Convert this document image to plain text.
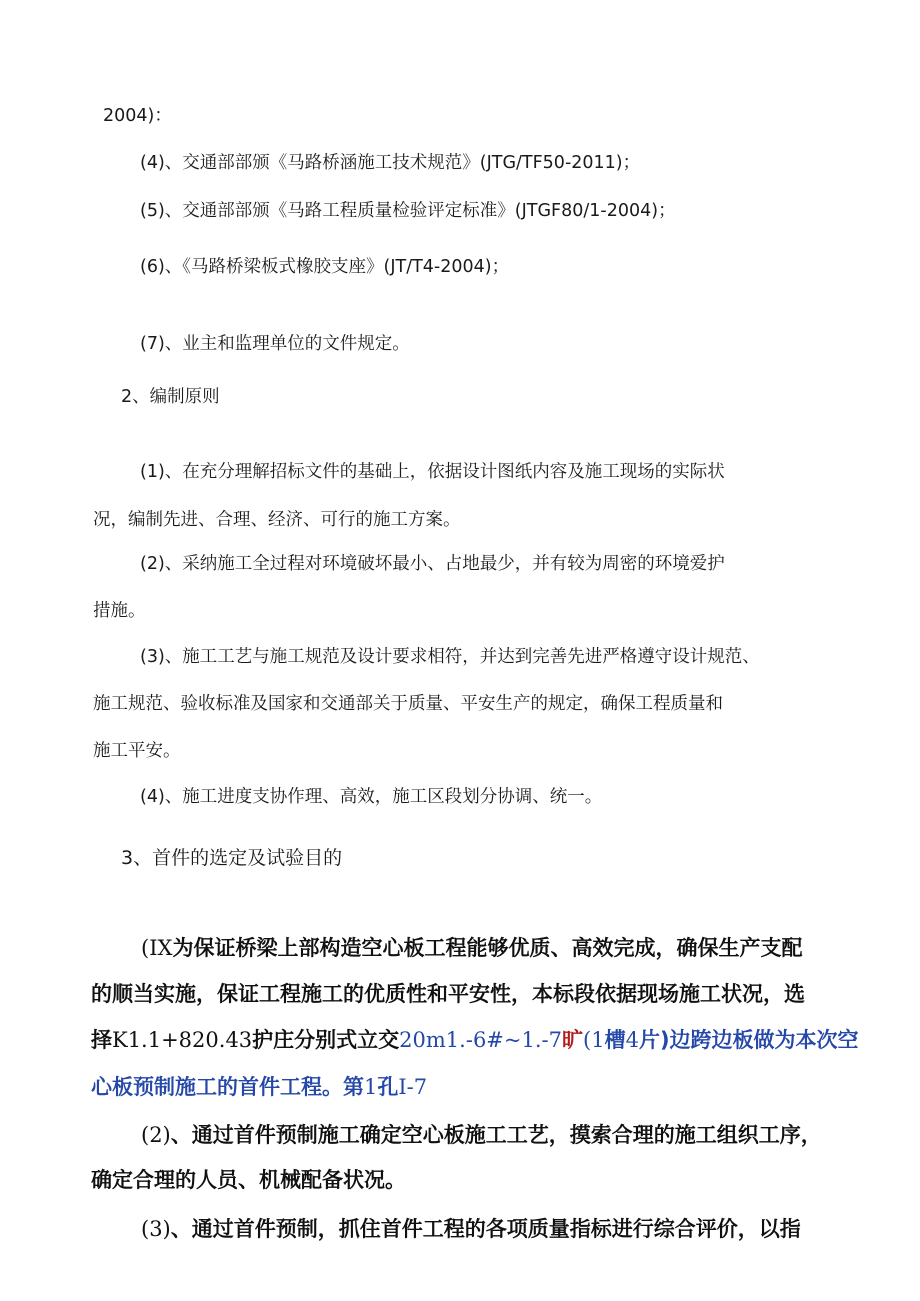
2004)：
(4)、交通部部颁《马路桥涵施工技术规范》(JTG/TF50-2011)；
(5)、交通部部颁《马路工程质量检验评定标准》(JTGF80/1-2004)；
(6)、《马路桥梁板式橡胶支座》(JT/T4-2004)；
(7)、业主和监理单位的文件规定。
2、编制原则
(1)、在充分理解招标文件的基础上，依据设计图纸内容及施工现场的实际状
况，编制先进、合理、经济、可行的施工方案。
(2)、采纳施工全过程对环境破坏最小、占地最少，并有较为周密的环境爱护
措施。
(3)、施工工艺与施工规范及设计要求相符，并达到完善先进严格遵守设计规范、
施工规范、验收标准及国家和交通部关于质量、平安生产的规定，确保工程质量和
施工平安。
(4)、施工进度支协作理、高效，施工区段划分协调、统一。
3、首件的选定及试验目的
(IX为保证桥梁上部构造空心板工程能够优质、高效完成，确保生产支配
的顺当实施，保证工程施工的优质性和平安性，本标段依据现场施工状况，选
择K1.1+820.43护庄分别式立交20m1.-6#~1.-7旷(1槽4片)边跨边板做为本次空
心板预制施工的首件工程。第1孔I-7
(2)、通过首件预制施工确定空心板施工工艺，摸索合理的施工组织工序，
确定合理的人员、机械配备状况。
(3)、通过首件预制，抓住首件工程的各项质量指标进行综合评价，以指
